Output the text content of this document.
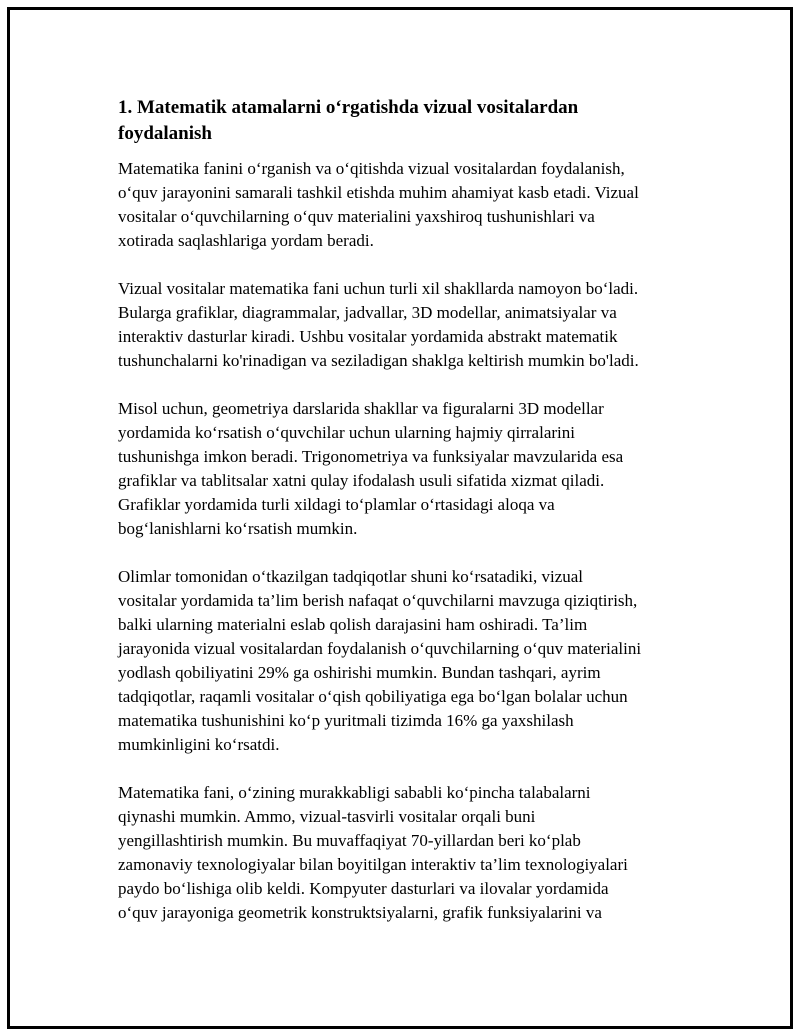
1. Matematik atamalarni o‘rgatishda vizual vositalardan
foydalanish

Matematika fanini o‘rganish va o‘qitishda vizual vositalardan foydalanish,
o‘quv jarayonini samarali tashkil etishda muhim ahamiyat kasb etadi. Vizual
vositalar o‘quvchilarning o‘quv materialini yaxshiroq tushunishlari va
xotirada saqlashlariga yordam beradi.

Vizual vositalar matematika fani uchun turli xil shakllarda namoyon bo‘ladi.
Bularga grafiklar, diagrammalar, jadvallar, 3D modellar, animatsiyalar va
interaktiv dasturlar kiradi. Ushbu vositalar yordamida abstrakt matematik
tushunchalarni ko'rinadigan va seziladigan shaklga keltirish mumkin bo'ladi.

Misol uchun, geometriya darslarida shakllar va figuralarni 3D modellar
yordamida ko‘rsatish o‘quvchilar uchun ularning hajmiy qirralarini
tushunishga imkon beradi. Trigonometriya va funksiyalar mavzularida esa
grafiklar va tablitsalar xatni qulay ifodalash usuli sifatida xizmat qiladi.
Grafiklar yordamida turli xildagi to‘plamlar o‘rtasidagi aloqa va
bog‘lanishlarni ko‘rsatish mumkin.

Olimlar tomonidan o‘tkazilgan tadqiqotlar shuni ko‘rsatadiki, vizual
vositalar yordamida ta’lim berish nafaqat o‘quvchilarni mavzuga qiziqtirish,
balki ularning materialni eslab qolish darajasini ham oshiradi. Ta’lim
jarayonida vizual vositalardan foydalanish o‘quvchilarning o‘quv materialini
yodlash qobiliyatini 29% ga oshirishi mumkin. Bundan tashqari, ayrim
tadqiqotlar, raqamli vositalar o‘qish qobiliyatiga ega bo‘lgan bolalar uchun
matematika tushunishini ko‘p yuritmali tizimda 16% ga yaxshilash
mumkinligini ko‘rsatdi.

Matematika fani, o‘zining murakkabligi sababli ko‘pincha talabalarni
qiynashi mumkin. Ammo, vizual-tasvirli vositalar orqali buni
yengillashtirish mumkin. Bu muvaffaqiyat 70-yillardan beri ko‘plab
zamonaviy texnologiyalar bilan boyitilgan interaktiv ta’lim texnologiyalari
paydo bo‘lishiga olib keldi. Kompyuter dasturlari va ilovalar yordamida
o‘quv jarayoniga geometrik konstruktsiyalarni, grafik funksiyalarini va
